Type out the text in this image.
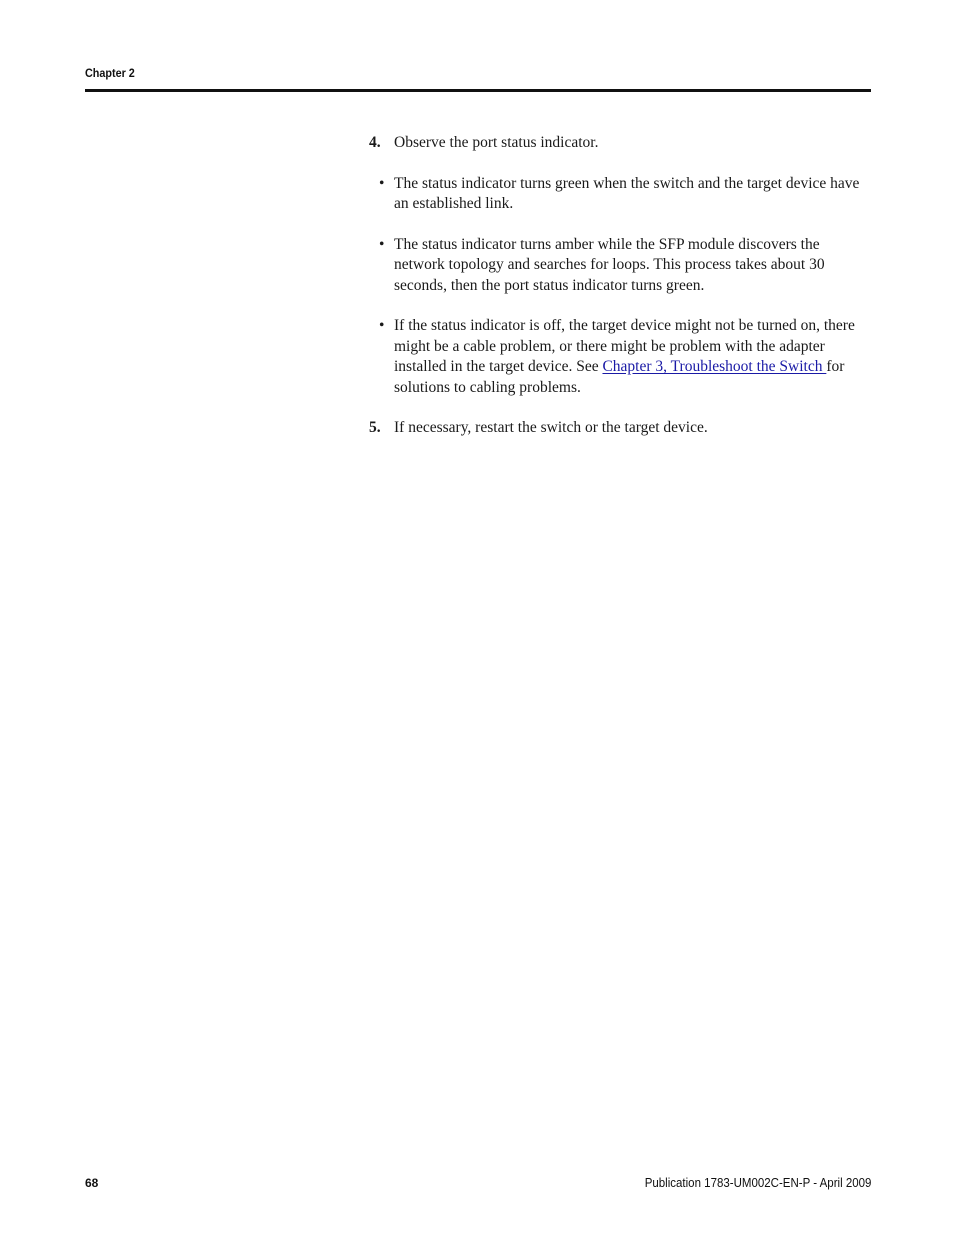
Chapter 2
4. Observe the port status indicator.
• The status indicator turns green when the switch and the target device have an established link.
• The status indicator turns amber while the SFP module discovers the network topology and searches for loops. This process takes about 30 seconds, then the port status indicator turns green.
• If the status indicator is off, the target device might not be turned on, there might be a cable problem, or there might be problem with the adapter installed in the target device. See Chapter 3, Troubleshoot the Switch for solutions to cabling problems.
5. If necessary, restart the switch or the target device.
68	Publication 1783-UM002C-EN-P - April 2009
